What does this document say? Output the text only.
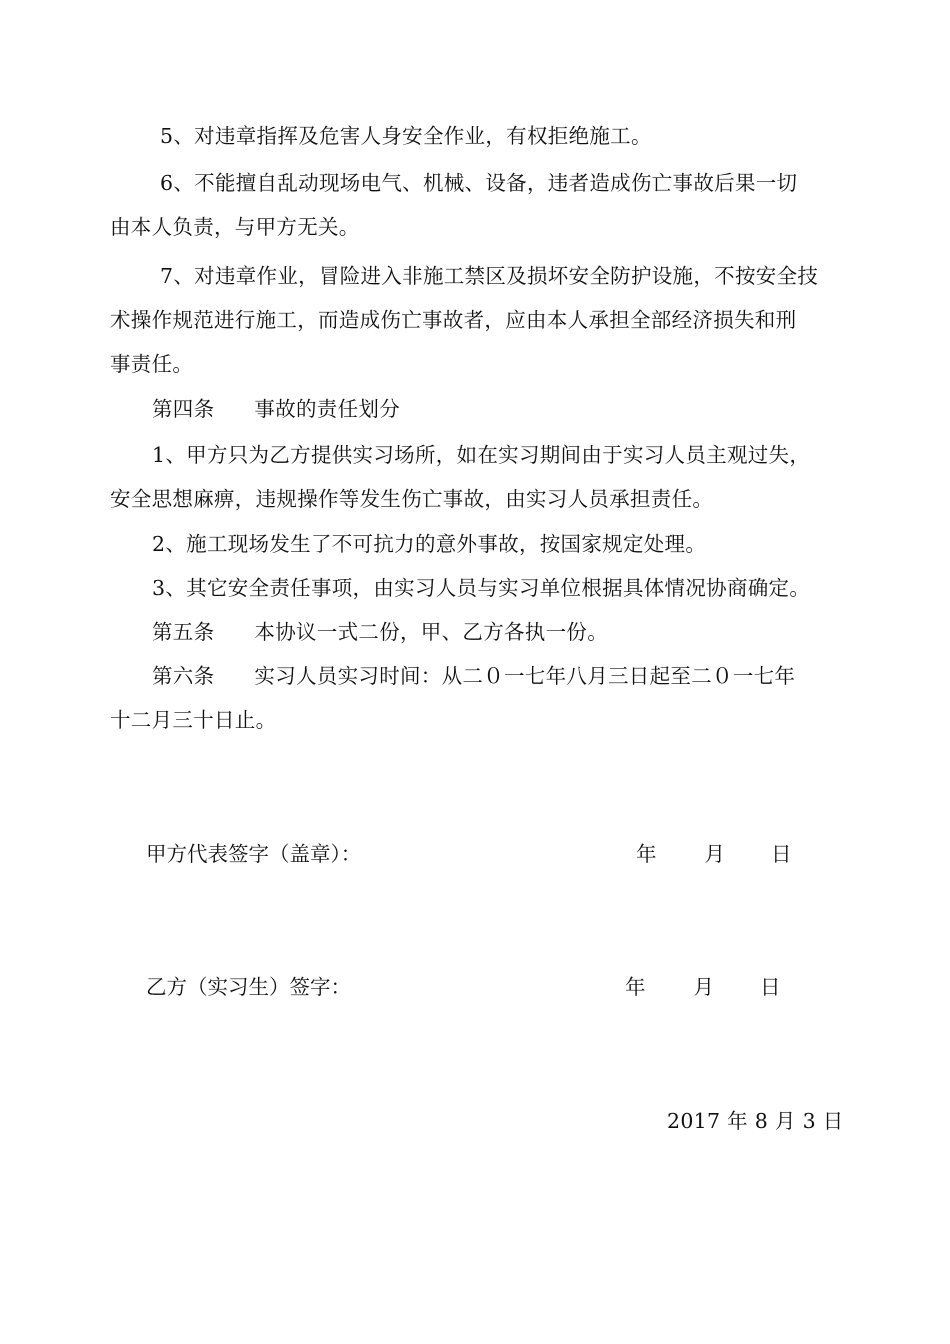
5、对违章指挥及危害人身安全作业，有权拒绝施工。
6、不能擅自乱动现场电气、机械、设备，违者造成伤亡事故后果一切
由本人负责，与甲方无关。
7、对违章作业，冒险进入非施工禁区及损坏安全防护设施，不按安全技
术操作规范进行施工，而造成伤亡事故者，应由本人承担全部经济损失和刑
事责任。
第四条 事故的责任划分
1、甲方只为乙方提供实习场所，如在实习期间由于实习人员主观过失，
安全思想麻痹，违规操作等发生伤亡事故，由实习人员承担责任。
2、施工现场发生了不可抗力的意外事故，按国家规定处理。
3、其它安全责任事项，由实习人员与实习单位根据具体情况协商确定。
第五条 本协议一式二份，甲、乙方各执一份。
第六条 实习人员实习时间：从二０一七年八月三日起至二０一七年
十二月三十日止。
甲方代表签字（盖章）：	年 月 日
乙方（实习生）签字：	年 月 日
2017 年 8 月 3 日
